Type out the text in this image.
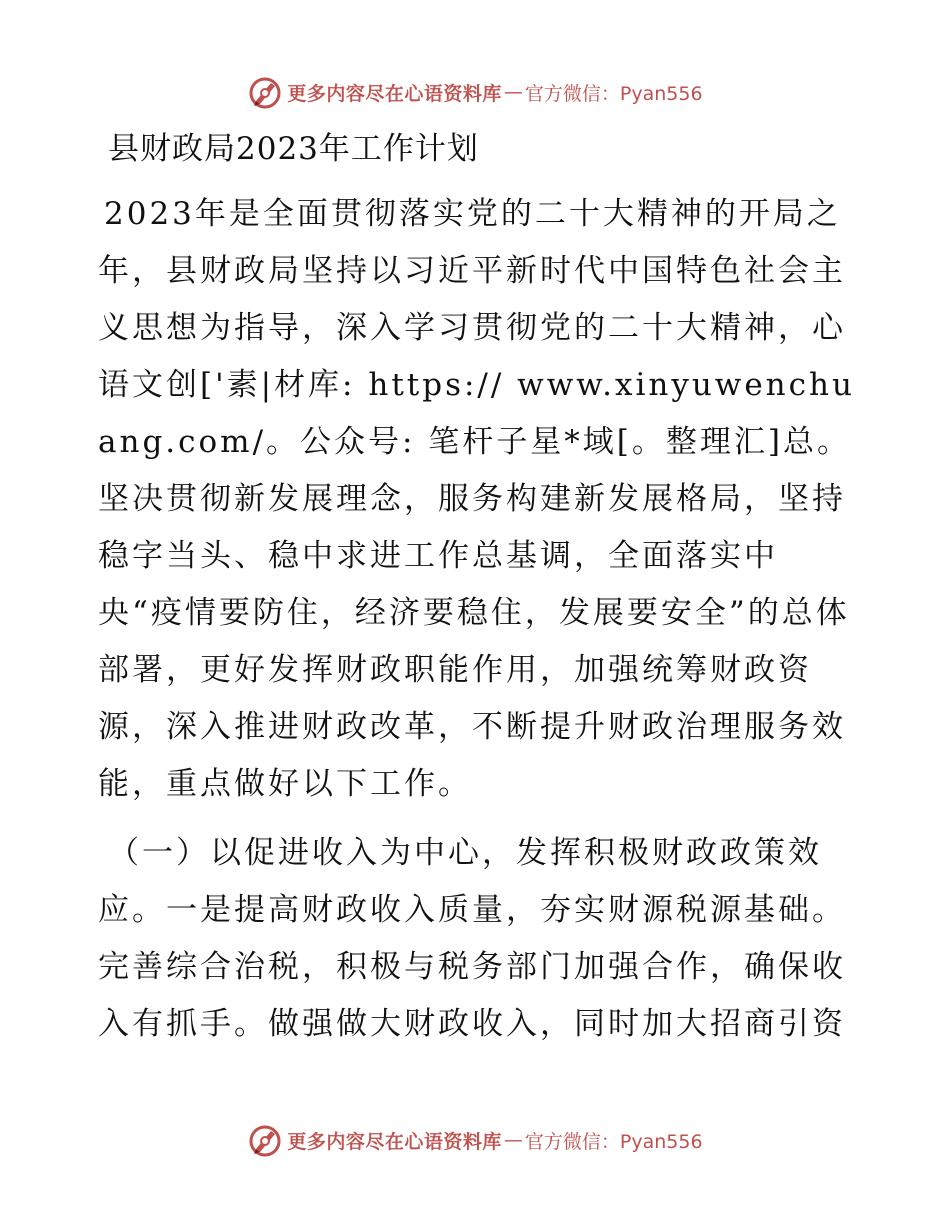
更多内容尽在心语资料库 — 官方微信：Pyan556
县财政局2023年工作计划

2023年是全面贯彻落实党的二十大精神的开局之年，县财政局坚持以习近平新时代中国特色社会主义思想为指导，深入学习贯彻党的二十大精神，心语文创['素|材库: https:// www.xinyuwenchuang.com/。公众号: 笔杆子星*域[。整理汇]总。坚决贯彻新发展理念，服务构建新发展格局，坚持稳字当头、稳中求进工作总基调，全面落实中央“疫情要防住，经济要稳住，发展要安全”的总体部署，更好发挥财政职能作用，加强统筹财政资源，深入推进财政改革，不断提升财政治理服务效能，重点做好以下工作。

（一）以促进收入为中心，发挥积极财政政策效应。一是提高财政收入质量，夯实财源税源基础。完善综合治税，积极与税务部门加强合作，确保收入有抓手。做强做大财政收入，同时加大招商引资

更多内容尽在心语资料库 — 官方微信：Pyan556
